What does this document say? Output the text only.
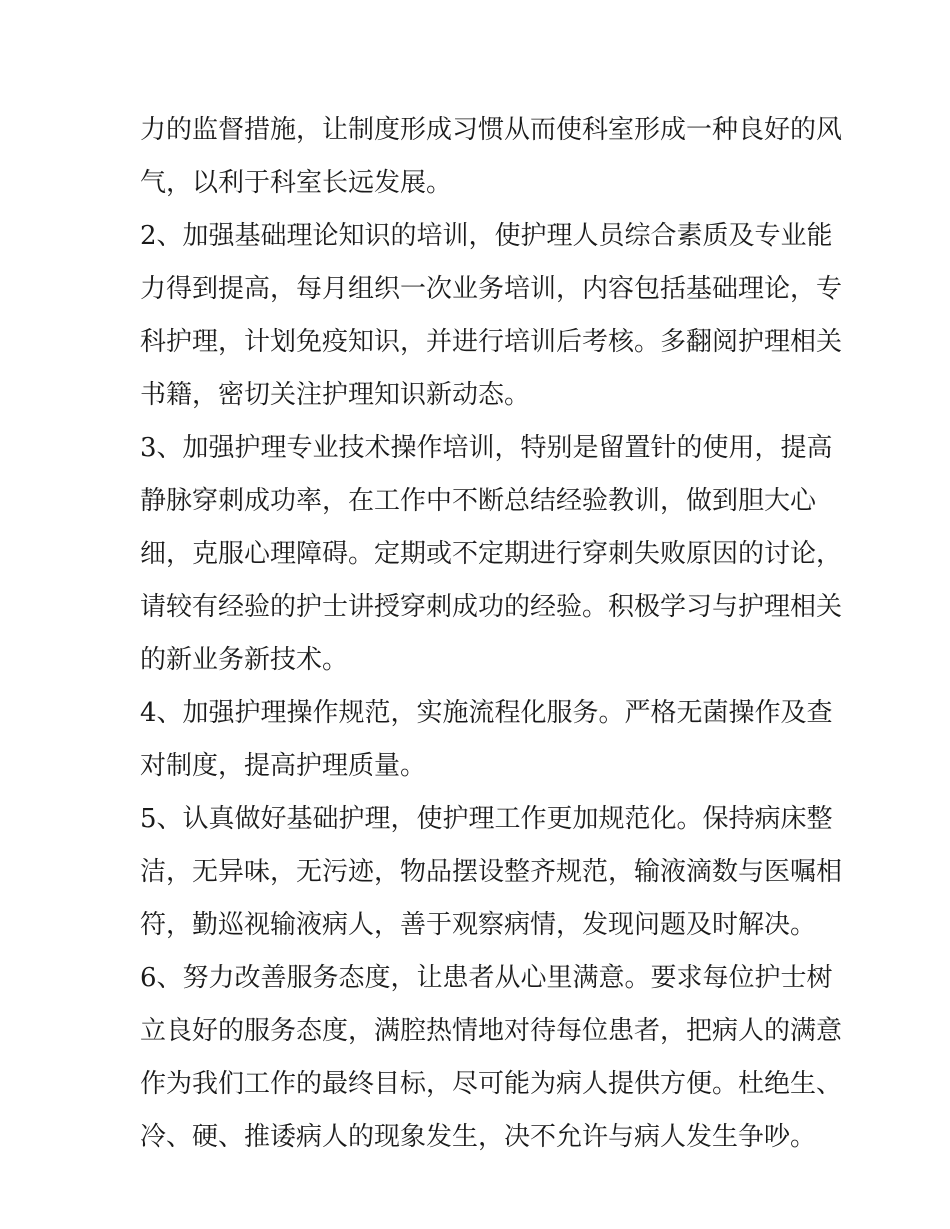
力的监督措施，让制度形成习惯从而使科室形成一种良好的风
气，以利于科室长远发展。
2、加强基础理论知识的培训，使护理人员综合素质及专业能
力得到提高，每月组织一次业务培训，内容包括基础理论，专
科护理，计划免疫知识，并进行培训后考核。多翻阅护理相关
书籍，密切关注护理知识新动态。
3、加强护理专业技术操作培训，特别是留置针的使用，提高
静脉穿刺成功率，在工作中不断总结经验教训，做到胆大心
细，克服心理障碍。定期或不定期进行穿刺失败原因的讨论，
请较有经验的护士讲授穿刺成功的经验。积极学习与护理相关
的新业务新技术。
4、加强护理操作规范，实施流程化服务。严格无菌操作及查
对制度，提高护理质量。
5、认真做好基础护理，使护理工作更加规范化。保持病床整
洁，无异味，无污迹，物品摆设整齐规范，输液滴数与医嘱相
符，勤巡视输液病人，善于观察病情，发现问题及时解决。
6、努力改善服务态度，让患者从心里满意。要求每位护士树
立良好的服务态度，满腔热情地对待每位患者，把病人的满意
作为我们工作的最终目标，尽可能为病人提供方便。杜绝生、
冷、硬、推诿病人的现象发生，决不允许与病人发生争吵。
